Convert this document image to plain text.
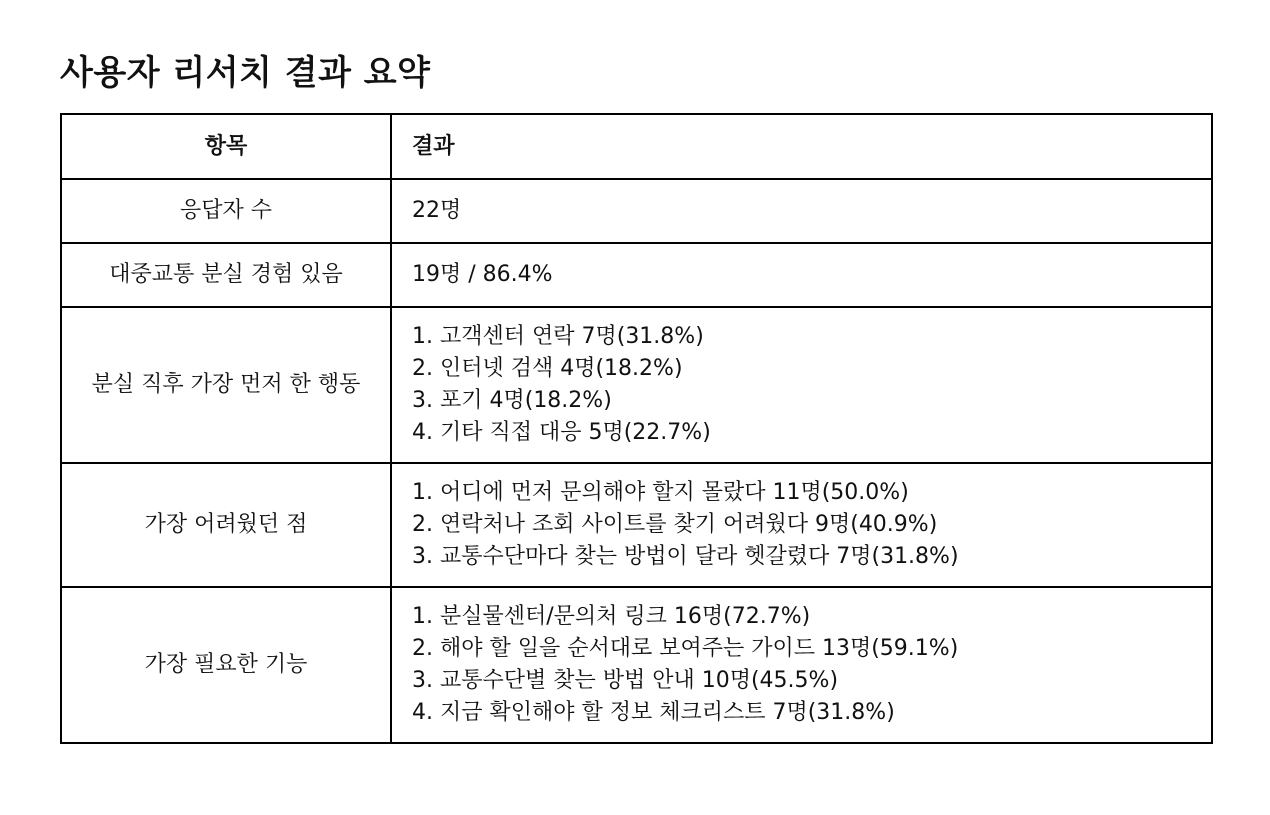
사용자 리서치 결과 요약
항목	결과
응답자 수	22명

대중교통 분실 경험 있음	19명 / 86.4%

분실 직후 가장 먼저 한 행동	1. 고객센터 연락 7명(31.8%)
2. 인터넷 검색 4명(18.2%)
3. 포기 4명(18.2%)
4. 기타 직접 대응 5명(22.7%)

가장 어려웠던 점	1. 어디에 먼저 문의해야 할지 몰랐다 11명(50.0%)
2. 연락처나 조회 사이트를 찾기 어려웠다 9명(40.9%)
3. 교통수단마다 찾는 방법이 달라 헷갈렸다 7명(31.8%)

가장 필요한 기능	1. 분실물센터/문의처 링크 16명(72.7%)
2. 해야 할 일을 순서대로 보여주는 가이드 13명(59.1%)
3. 교통수단별 찾는 방법 안내 10명(45.5%)
4. 지금 확인해야 할 정보 체크리스트 7명(31.8%)
